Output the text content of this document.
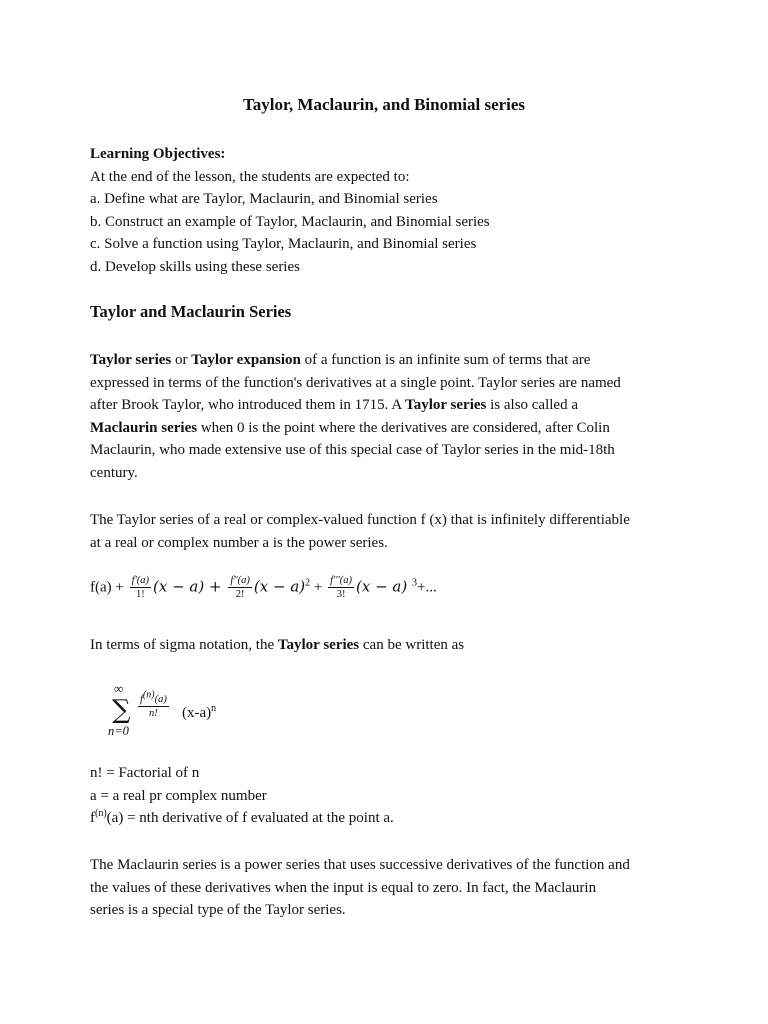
Taylor, Maclaurin, and Binomial series
Learning Objectives:
At the end of the lesson, the students are expected to:
a. Define what are Taylor, Maclaurin, and Binomial series
b. Construct an example of Taylor, Maclaurin, and Binomial series
c. Solve a function using Taylor, Maclaurin, and Binomial series
d. Develop skills using these series
Taylor and Maclaurin Series
Taylor series or Taylor expansion of a function is an infinite sum of terms that are
expressed in terms of the function's derivatives at a single point. Taylor series are named
after Brook Taylor, who introduced them in 1715. A Taylor series is also called a
Maclaurin series when 0 is the point where the derivatives are considered, after Colin
Maclaurin, who made extensive use of this special case of Taylor series in the mid-18th
century.
The Taylor series of a real or complex-valued function f (x) that is infinitely differentiable
at a real or complex number a is the power series.
$f(a) + \frac{f'(a)}{1!} (x - a) + \frac{f"(a)}{2!} (x - a)^2 + \frac{f'''(a)}{3!} (x - a)$ $^3$+...
In terms of sigma notation, the Taylor series can be written as
∞
∑
n=0
$\frac{f^{(n)}(a)}{n!} (x-a)^n$
n! = Factorial of n
a = a real pr complex number
$f^{(n)}(a)$ = nth derivative of f evaluated at the point a.
The Maclaurin series is a power series that uses successive derivatives of the function and
the values of these derivatives when the input is equal to zero. In fact, the Maclaurin
series is a special type of the Taylor series.
